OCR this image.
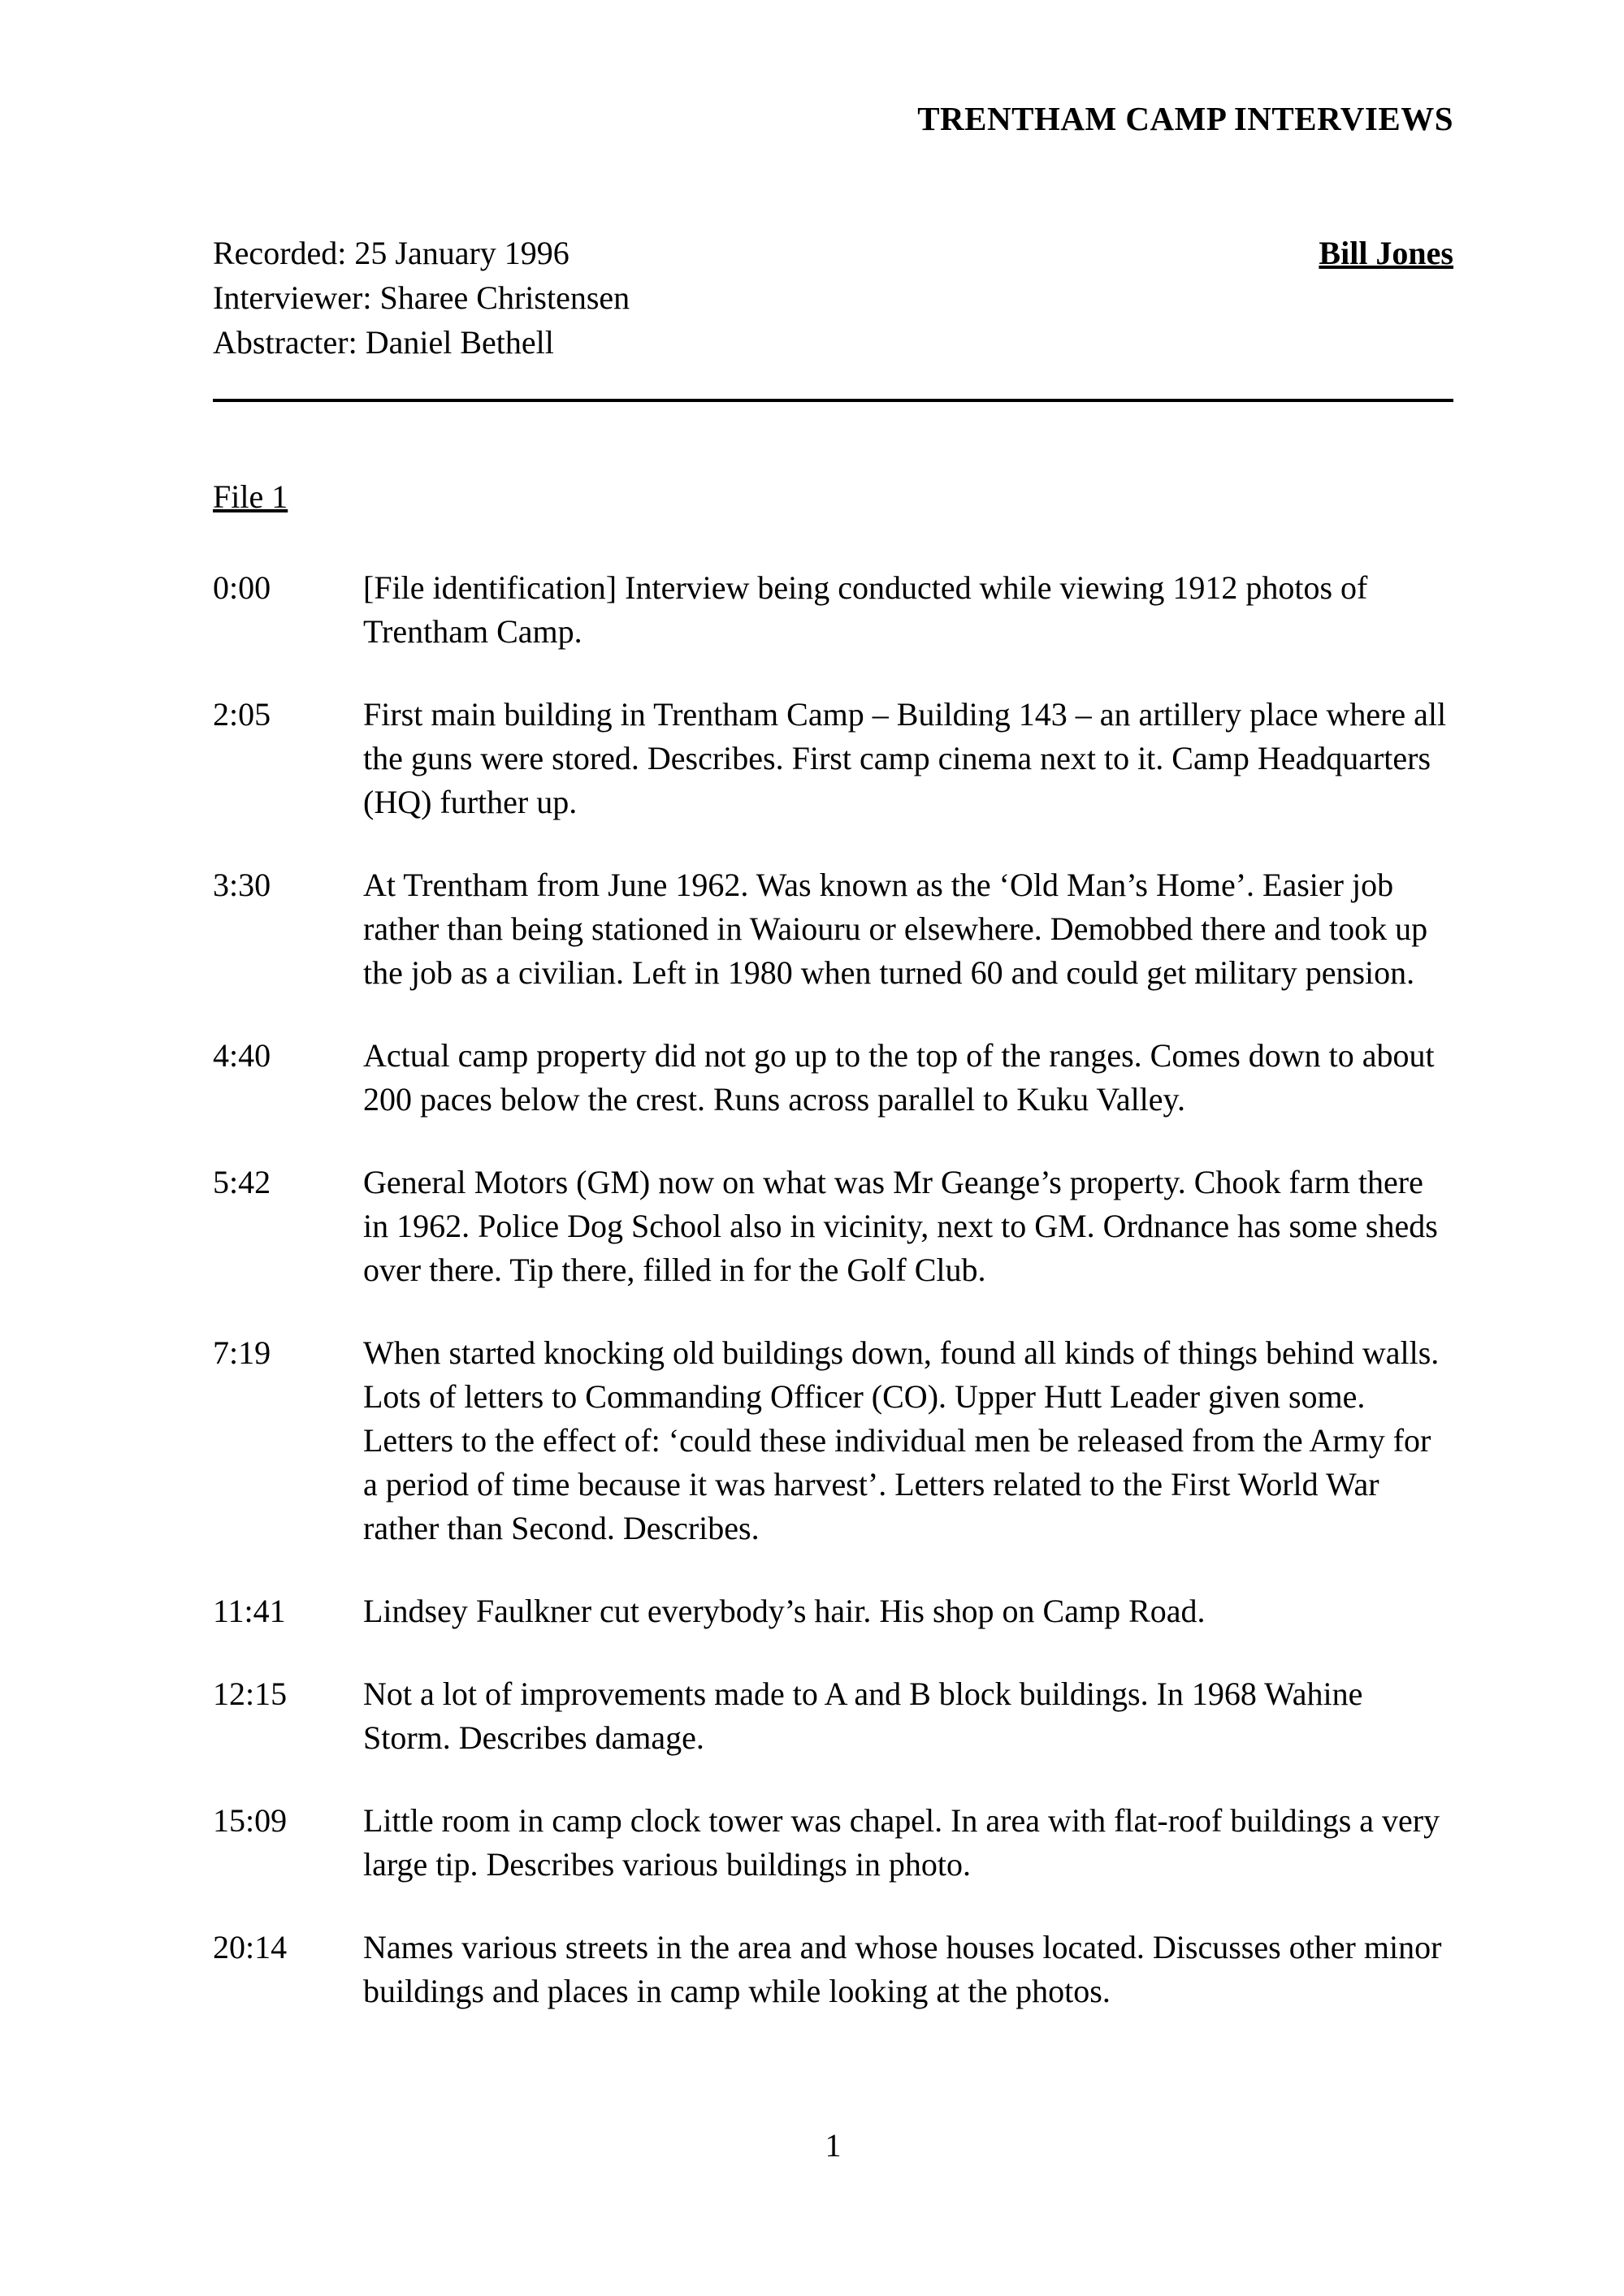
TRENTHAM CAMP INTERVIEWS
Recorded: 25 January 1996	Bill Jones
Interviewer: Sharee Christensen
Abstracter: Daniel Bethell
File 1
0:00	[File identification] Interview being conducted while viewing 1912 photos of Trentham Camp.
2:05	First main building in Trentham Camp – Building 143 – an artillery place where all the guns were stored. Describes. First camp cinema next to it. Camp Headquarters (HQ) further up.
3:30	At Trentham from June 1962. Was known as the ‘Old Man’s Home’. Easier job rather than being stationed in Waiouru or elsewhere. Demobbed there and took up the job as a civilian. Left in 1980 when turned 60 and could get military pension.
4:40	Actual camp property did not go up to the top of the ranges. Comes down to about 200 paces below the crest. Runs across parallel to Kuku Valley.
5:42	General Motors (GM) now on what was Mr Geange’s property. Chook farm there in 1962. Police Dog School also in vicinity, next to GM. Ordnance has some sheds over there. Tip there, filled in for the Golf Club.
7:19	When started knocking old buildings down, found all kinds of things behind walls. Lots of letters to Commanding Officer (CO). Upper Hutt Leader given some. Letters to the effect of: ‘could these individual men be released from the Army for a period of time because it was harvest’. Letters related to the First World War rather than Second. Describes.
11:41	Lindsey Faulkner cut everybody’s hair. His shop on Camp Road.
12:15	Not a lot of improvements made to A and B block buildings. In 1968 Wahine Storm. Describes damage.
15:09	Little room in camp clock tower was chapel. In area with flat-roof buildings a very large tip. Describes various buildings in photo.
20:14	Names various streets in the area and whose houses located. Discusses other minor buildings and places in camp while looking at the photos.
1
